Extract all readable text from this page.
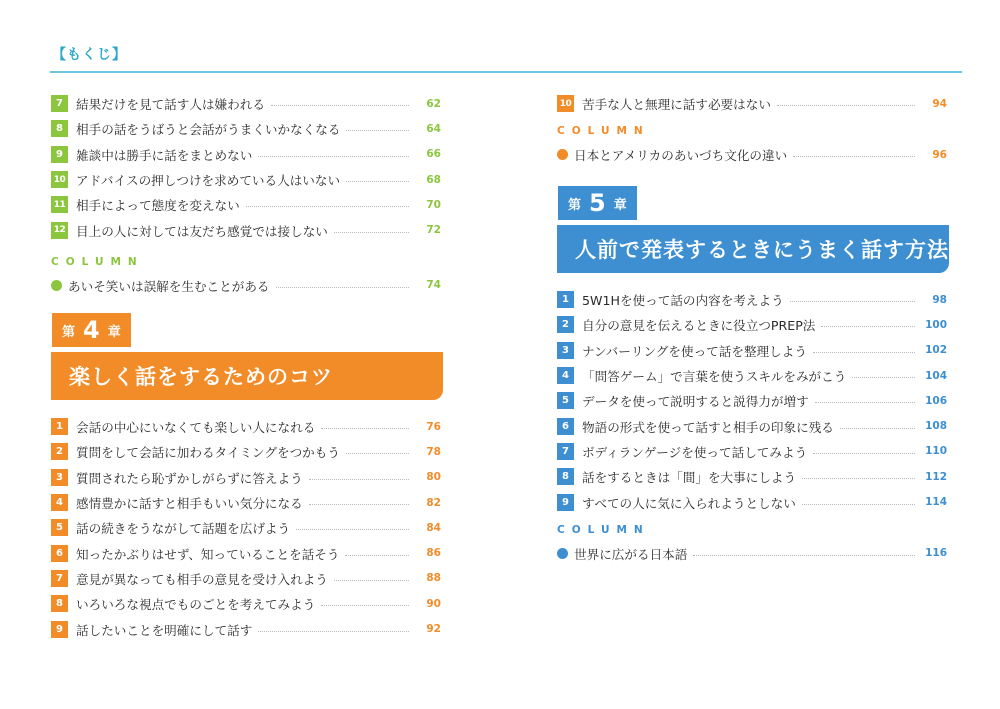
【もくじ】
7	結果だけを見て話す人は嫌われる	62
8	相手の話をうばうと会話がうまくいかなくなる	64
9	雑談中は勝手に話をまとめない	66
10 アドバイスの押しつけを求めている人はいない	68
11 相手によって態度を変えない	70
12 目上の人に対しては友だち感覚では接しない	72
COLUMN
あいそ笑いは誤解を生むことがある	74
第 4 章
楽しく話をするためのコツ
1	会話の中心にいなくても楽しい人になれる	76
2	質問をして会話に加わるタイミングをつかもう	78
3	質問されたら恥ずかしがらずに答えよう	80
4	感情豊かに話すと相手もいい気分になる	82
5	話の続きをうながして話題を広げよう	84
6	知ったかぶりはせず、知っていることを話そう	86
7	意見が異なっても相手の意見を受け入れよう	88
8	いろいろな視点でものごとを考えてみよう	90
9	話したいことを明確にして話す	92
10 苦手な人と無理に話す必要はない	94
COLUMN
日本とアメリカのあいづち文化の違い	96
第 5 章
人前で発表するときにうまく話す方法
1	5W1Hを使って話の内容を考えよう	98
2	自分の意見を伝えるときに役立つPREP法	100
3	ナンバーリングを使って話を整理しよう	102
4	「問答ゲーム」で言葉を使うスキルをみがこう	104
5	データを使って説明すると説得力が増す	106
6	物語の形式を使って話すと相手の印象に残る	108
7	ボディランゲージを使って話してみよう	110
8	話をするときは「間」を大事にしよう	112
9	すべての人に気に入られようとしない	114
COLUMN
世界に広がる日本語	116
